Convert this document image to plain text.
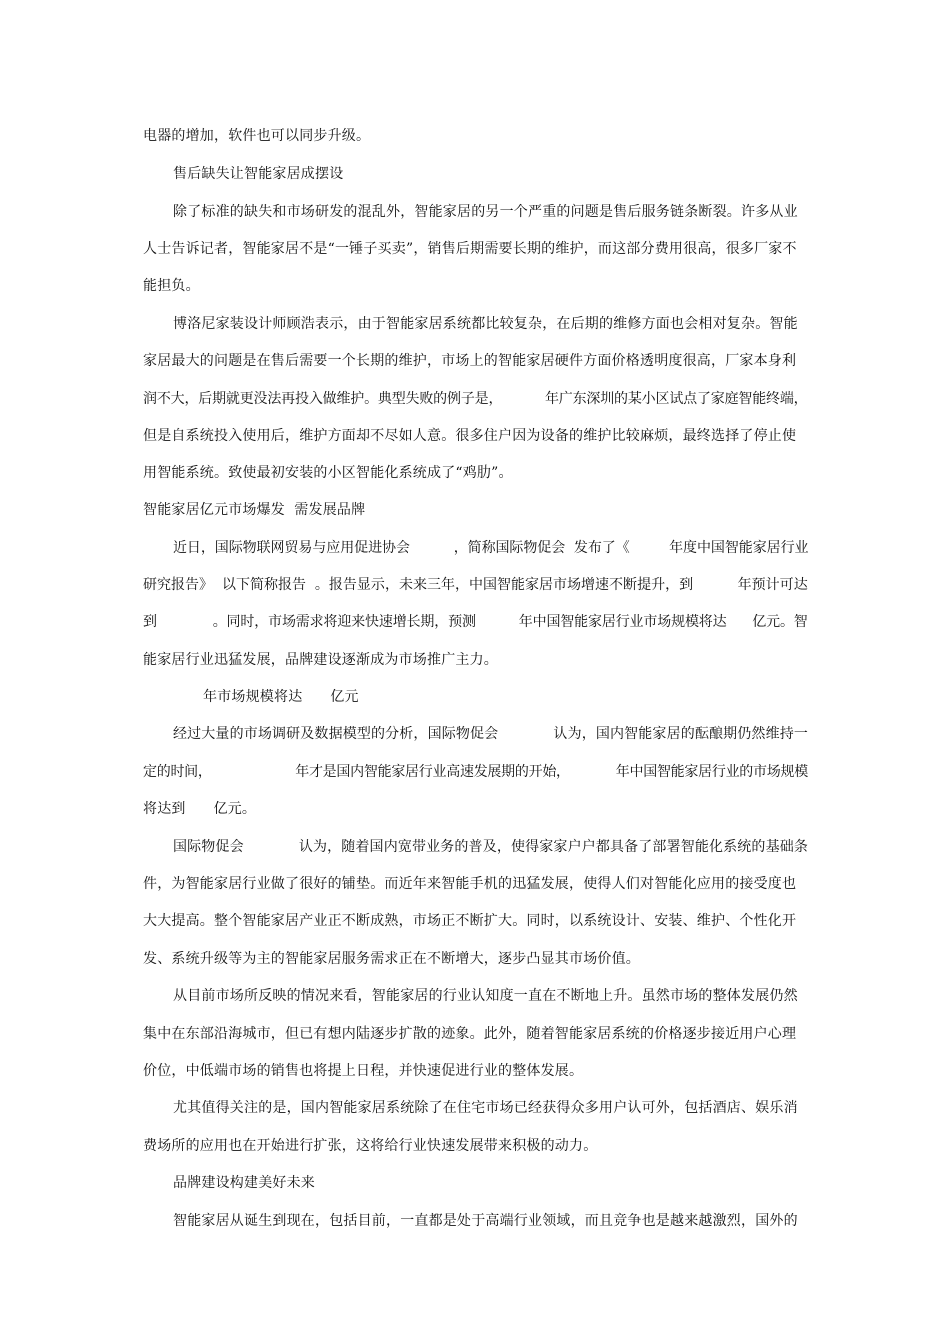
电器的增加，软件也可以同步升级。
售后缺失让智能家居成摆设
除了标准的缺失和市场研发的混乱外，智能家居的另一个严重的问题是售后服务链条断裂。许多从业
人士告诉记者，智能家居不是“一锤子买卖”，销售后期需要长期的维护，而这部分费用很高，很多厂家不
能担负。
博洛尼家装设计师顾浩表示，由于智能家居系统都比较复杂，在后期的维修方面也会相对复杂。智能
家居最大的问题是在售后需要一个长期的维护，市场上的智能家居硬件方面价格透明度很高，厂家本身利
润不大，后期就更没法再投入做维护。典型失败的例子是，          年广东深圳的某小区试点了家庭智能终端，
但是自系统投入使用后，维护方面却不尽如人意。很多住户因为设备的维护比较麻烦，最终选择了停止使
用智能系统。致使最初安装的小区智能化系统成了“鸡肋”。
智能家居亿元市场爆发  需发展品牌
近日，国际物联网贸易与应用促进协会          ，简称国际物促会  发布了《         年度中国智能家居行业
研究报告》  以下简称报告  。报告显示，未来三年，中国智能家居市场增速不断提升，到          年预计可达
到             。同时，市场需求将迎来快速增长期，预测          年中国智能家居行业市场规模将达      亿元。智
能家居行业迅猛发展，品牌建设逐渐成为市场推广主力。
年市场规模将达      亿元
经过大量的市场调研及数据模型的分析，国际物促会            认为，国内智能家居的酝酿期仍然维持一
定的时间，                    年才是国内智能家居行业高速发展期的开始，           年中国智能家居行业的市场规模
将达到      亿元。
国际物促会            认为，随着国内宽带业务的普及，使得家家户户都具备了部署智能化系统的基础条
件，为智能家居行业做了很好的铺垫。而近年来智能手机的迅猛发展，使得人们对智能化应用的接受度也
大大提高。整个智能家居产业正不断成熟，市场正不断扩大。同时，以系统设计、安装、维护、个性化开
发、系统升级等为主的智能家居服务需求正在不断增大，逐步凸显其市场价值。
从目前市场所反映的情况来看，智能家居的行业认知度一直在不断地上升。虽然市场的整体发展仍然
集中在东部沿海城市，但已有想内陆逐步扩散的迹象。此外，随着智能家居系统的价格逐步接近用户心理
价位，中低端市场的销售也将提上日程，并快速促进行业的整体发展。
尤其值得关注的是，国内智能家居系统除了在住宅市场已经获得众多用户认可外，包括酒店、娱乐消
费场所的应用也在开始进行扩张，这将给行业快速发展带来积极的动力。
品牌建设构建美好未来
智能家居从诞生到现在，包括目前，一直都是处于高端行业领域，而且竞争也是越来越激烈，国外的
